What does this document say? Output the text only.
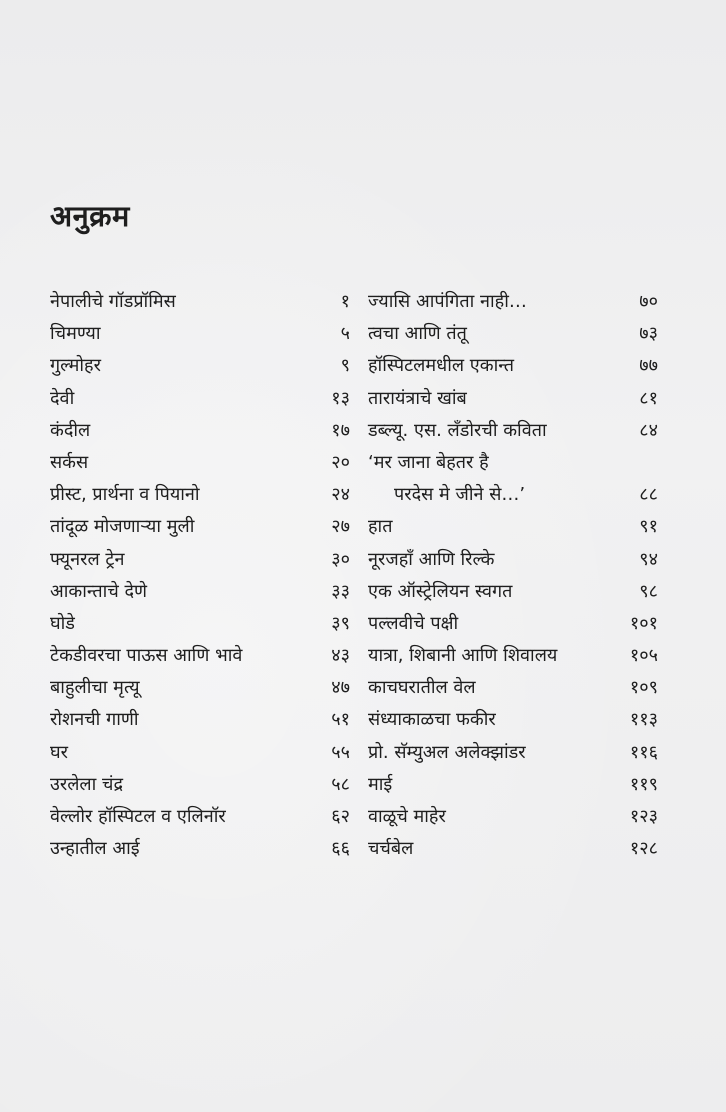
अनुक्रम
नेपालीचे गॉडप्रॉमिस	१
चिमण्या	५
गुल्मोहर	९
देवी	१३
कंदील	१७
सर्कस	२०
प्रीस्ट, प्रार्थना व पियानो	२४
तांदूळ मोजणाऱ्या मुली	२७
फ्यूनरल ट्रेन	३०
आकान्ताचे देणे	३३
घोडे	३९
टेकडीवरचा पाऊस आणि भावे	४३
बाहुलीचा मृत्यू	४७
रोशनची गाणी	५१
घर	५५
उरलेला चंद्र	५८
वेल्लोर हॉस्पिटल व एलिनॉर	६२
उन्हातील आई	६६
ज्यासि आपंगिता नाही…	७०
त्वचा आणि तंतू	७३
हॉस्पिटलमधील एकान्त	७७
तारायंत्राचे खांब	८१
डब्ल्यू. एस. लँडोरची कविता	८४
‘मर जाना बेहतर है
परदेस मे जीने से…’	८८
हात	९१
नूरजहाँ आणि रिल्के	९४
एक ऑस्ट्रेलियन स्वगत	९८
पल्लवीचे पक्षी	१०१
यात्रा, शिबानी आणि शिवालय	१०५
काचघरातील वेल	१०९
संध्याकाळचा फकीर	११३
प्रो. सॅम्युअल अलेक्झांडर	११६
माई	११९
वाळूचे माहेर	१२३
चर्चबेल	१२८
